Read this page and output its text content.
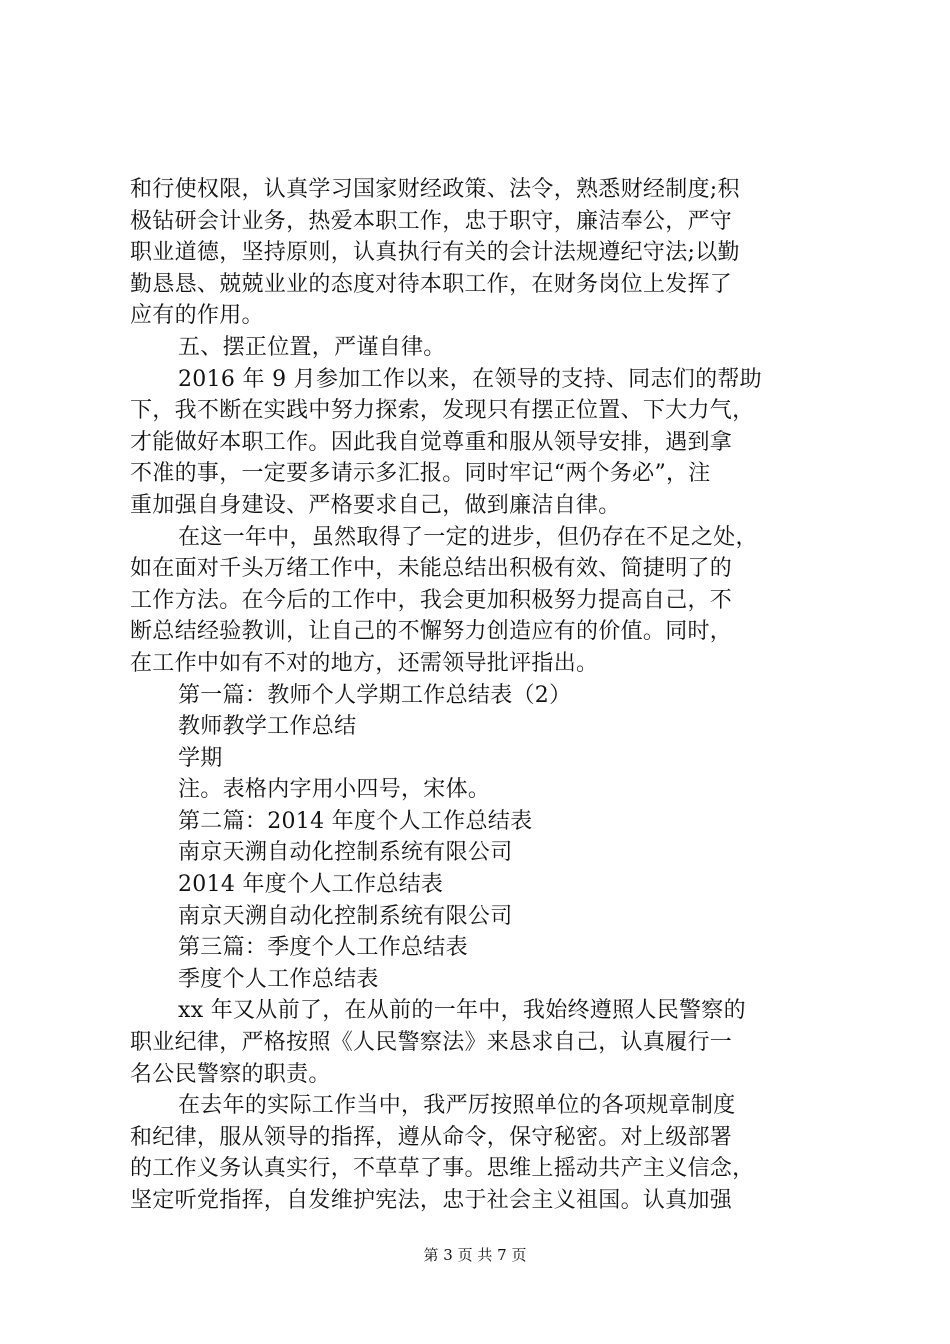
和行使权限，认真学习国家财经政策、法令，熟悉财经制度;积
极钻研会计业务，热爱本职工作，忠于职守，廉洁奉公，严守
职业道德，坚持原则，认真执行有关的会计法规遵纪守法;以勤
勤恳恳、兢兢业业的态度对待本职工作，在财务岗位上发挥了
应有的作用。
五、摆正位置，严谨自律。
2016 年 9 月参加工作以来，在领导的支持、同志们的帮助
下，我不断在实践中努力探索，发现只有摆正位置、下大力气，
才能做好本职工作。因此我自觉尊重和服从领导安排，遇到拿
不准的事，一定要多请示多汇报。同时牢记“两个务必”，注
重加强自身建设、严格要求自己，做到廉洁自律。
在这一年中，虽然取得了一定的进步，但仍存在不足之处，
如在面对千头万绪工作中，未能总结出积极有效、简捷明了的
工作方法。在今后的工作中，我会更加积极努力提高自己，不
断总结经验教训，让自己的不懈努力创造应有的价值。同时，
在工作中如有不对的地方，还需领导批评指出。
第一篇：教师个人学期工作总结表（2）
教师教学工作总结
学期
注。表格内字用小四号，宋体。
第二篇：2014 年度个人工作总结表
南京天溯自动化控制系统有限公司
2014 年度个人工作总结表
南京天溯自动化控制系统有限公司
第三篇：季度个人工作总结表
季度个人工作总结表
xx 年又从前了，在从前的一年中，我始终遵照人民警察的
职业纪律，严格按照《人民警察法》来恳求自己，认真履行一
名公民警察的职责。
在去年的实际工作当中，我严厉按照单位的各项规章制度
和纪律，服从领导的指挥，遵从命令，保守秘密。对上级部署
的工作义务认真实行，不草草了事。思维上摇动共产主义信念，
坚定听党指挥，自发维护宪法，忠于社会主义祖国。认真加强
第 3 页 共 7 页
